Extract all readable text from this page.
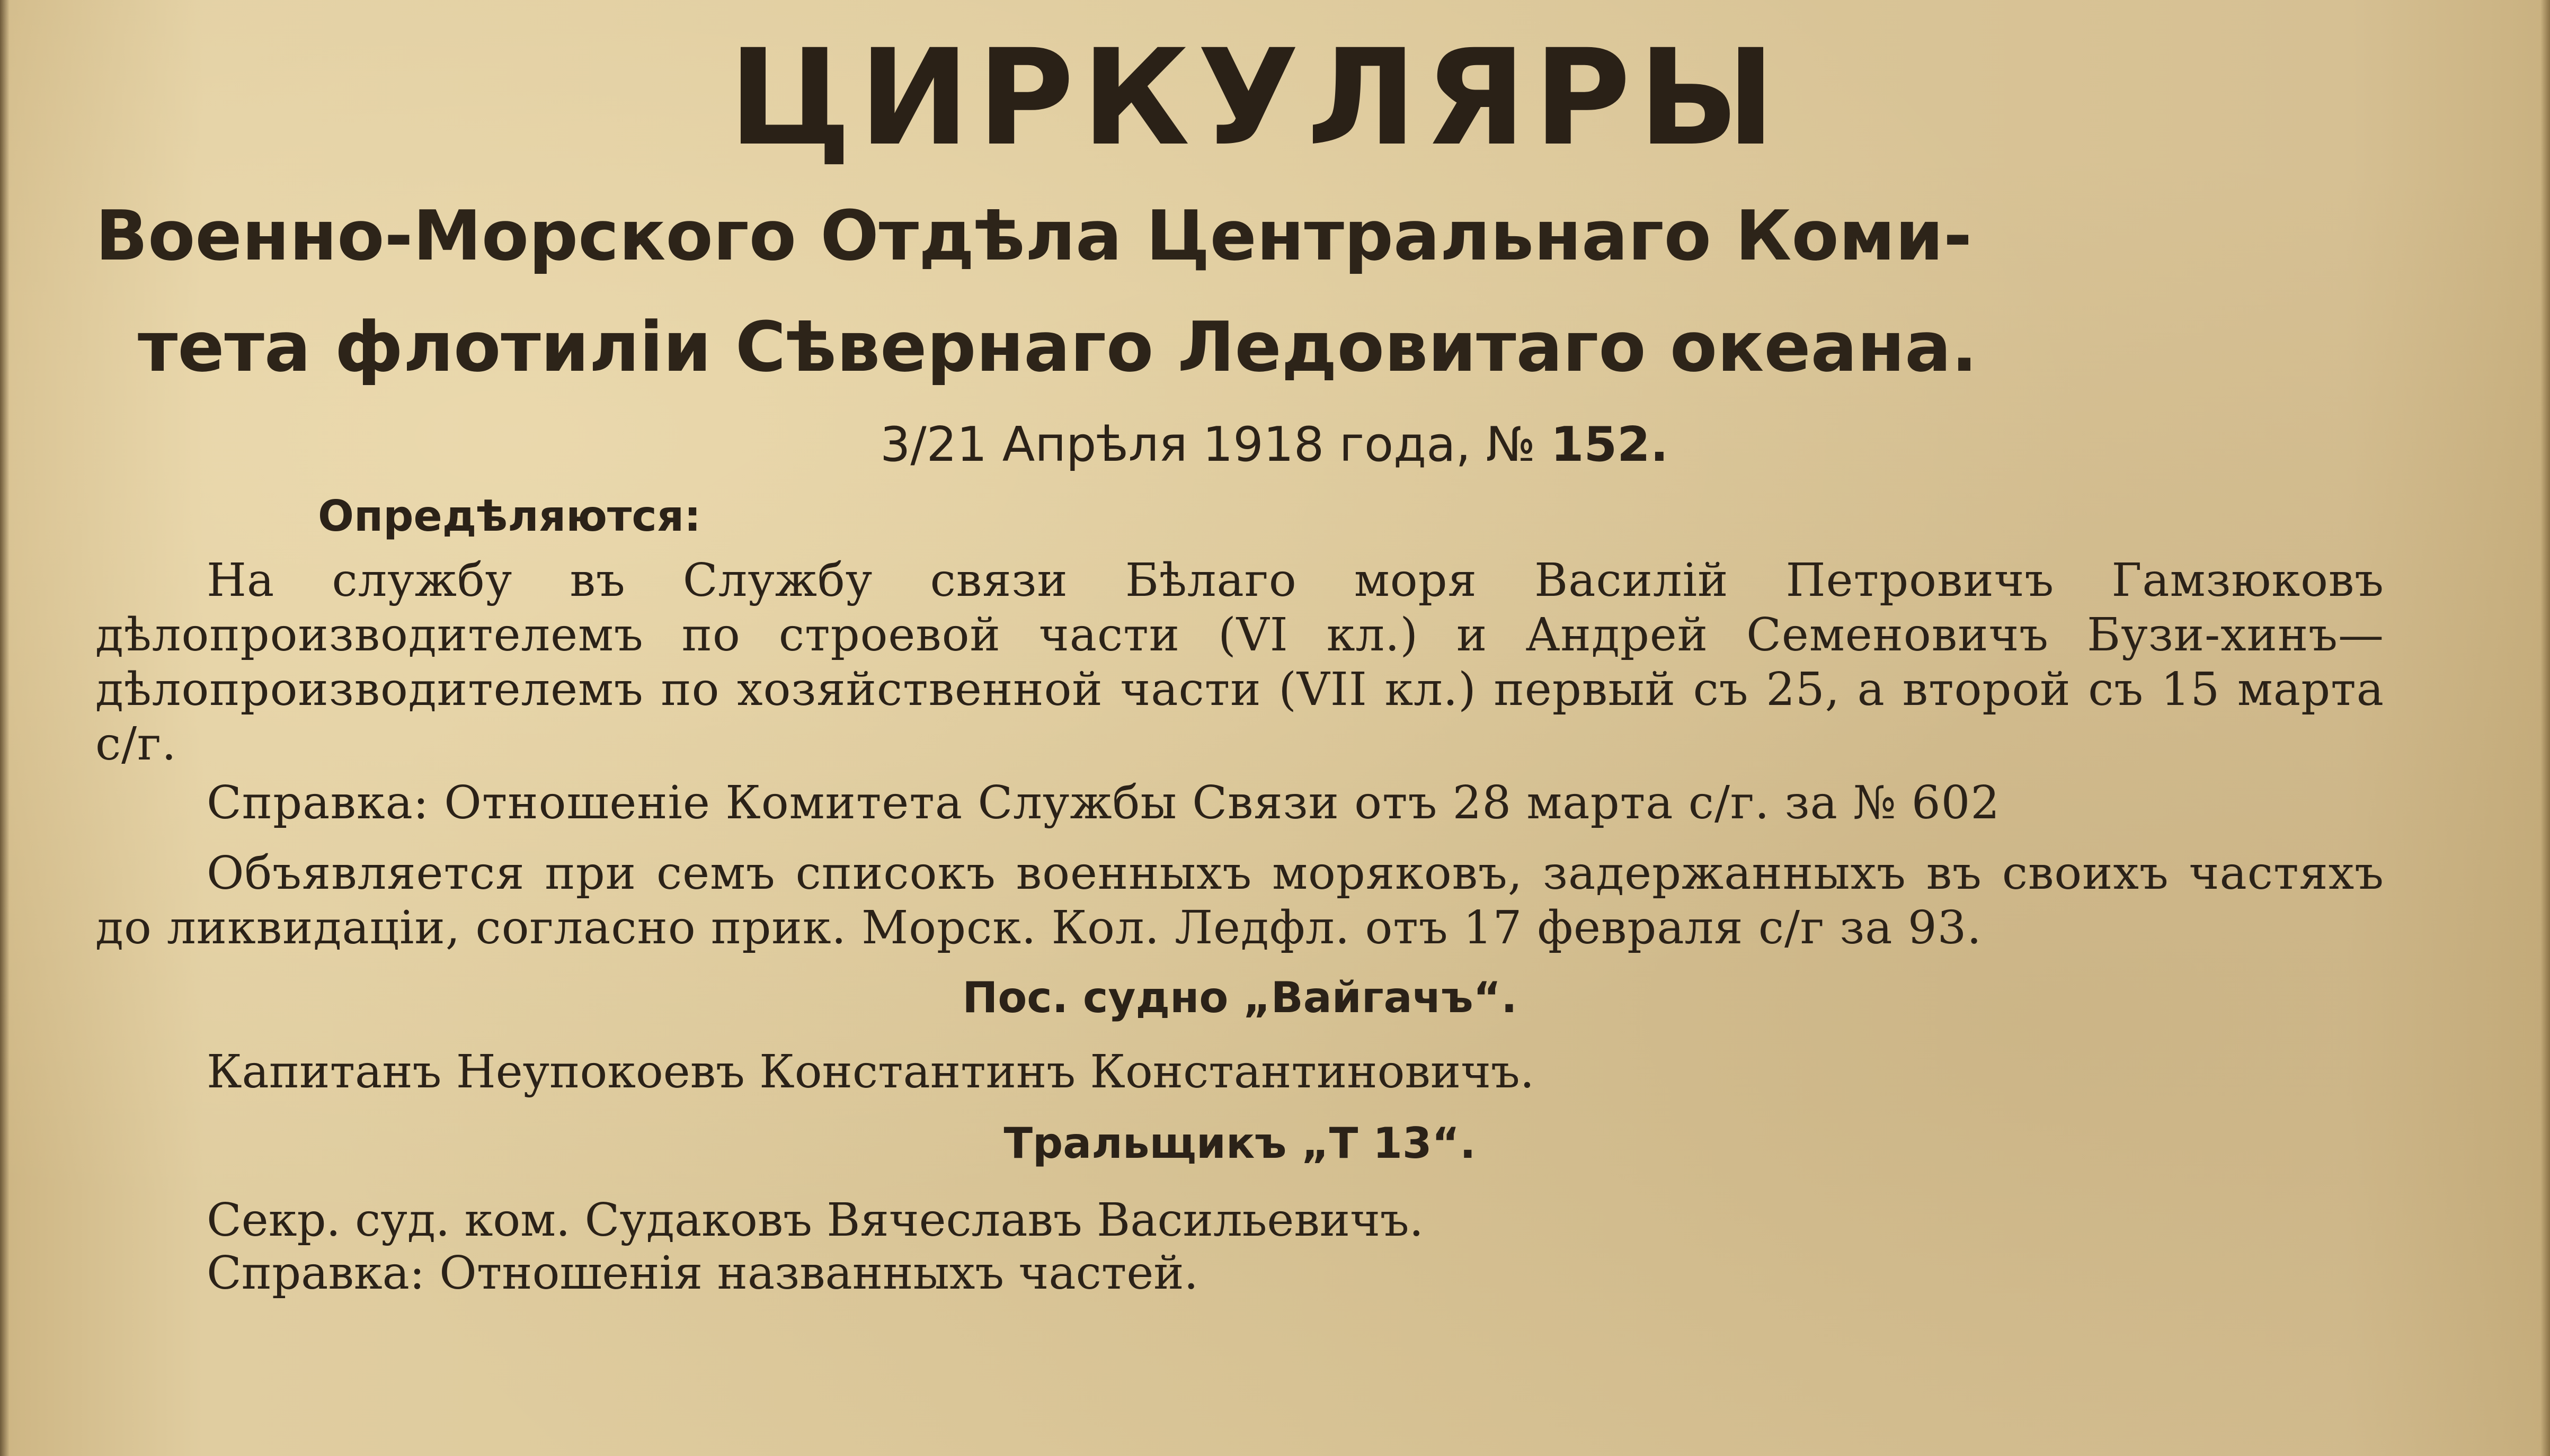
ЦИРКУЛЯРЫ
Военно-Морского Отдѣла Центральнаго Коми-
тета флотиліи Сѣвернаго Ледовитаго океана.
3/21 Апрѣля 1918 года, № 152.
Опредѣляются:

На службу въ Службу связи Бѣлаго моря Василій Петровичъ Гамзюковъ дѣлопроизводителемъ по строевой части (VI кл.) и Андрей Семеновичъ Бузи-хинъ—дѣлопроизводителемъ по хозяйственной части (VII кл.) первый съ 25, а второй съ 15 марта с/г.

Справка: Отношеніе Комитета Службы Связи отъ 28 марта с/г. за № 602

Объявляется при семъ списокъ военныхъ моряковъ, задержанныхъ въ своихъ частяхъ до ликвидаціи, согласно прик. Морск. Кол. Ледфл. отъ 17 февраля с/г за 93.

Пос. судно „Вайгачъ“.
Капитанъ Неупокоевъ Константинъ Константиновичъ.
Тральщикъ „Т 13“.
Секр. суд. ком. Судаковъ Вячеславъ Васильевичъ.
Справка: Отношенія названныхъ частей.
